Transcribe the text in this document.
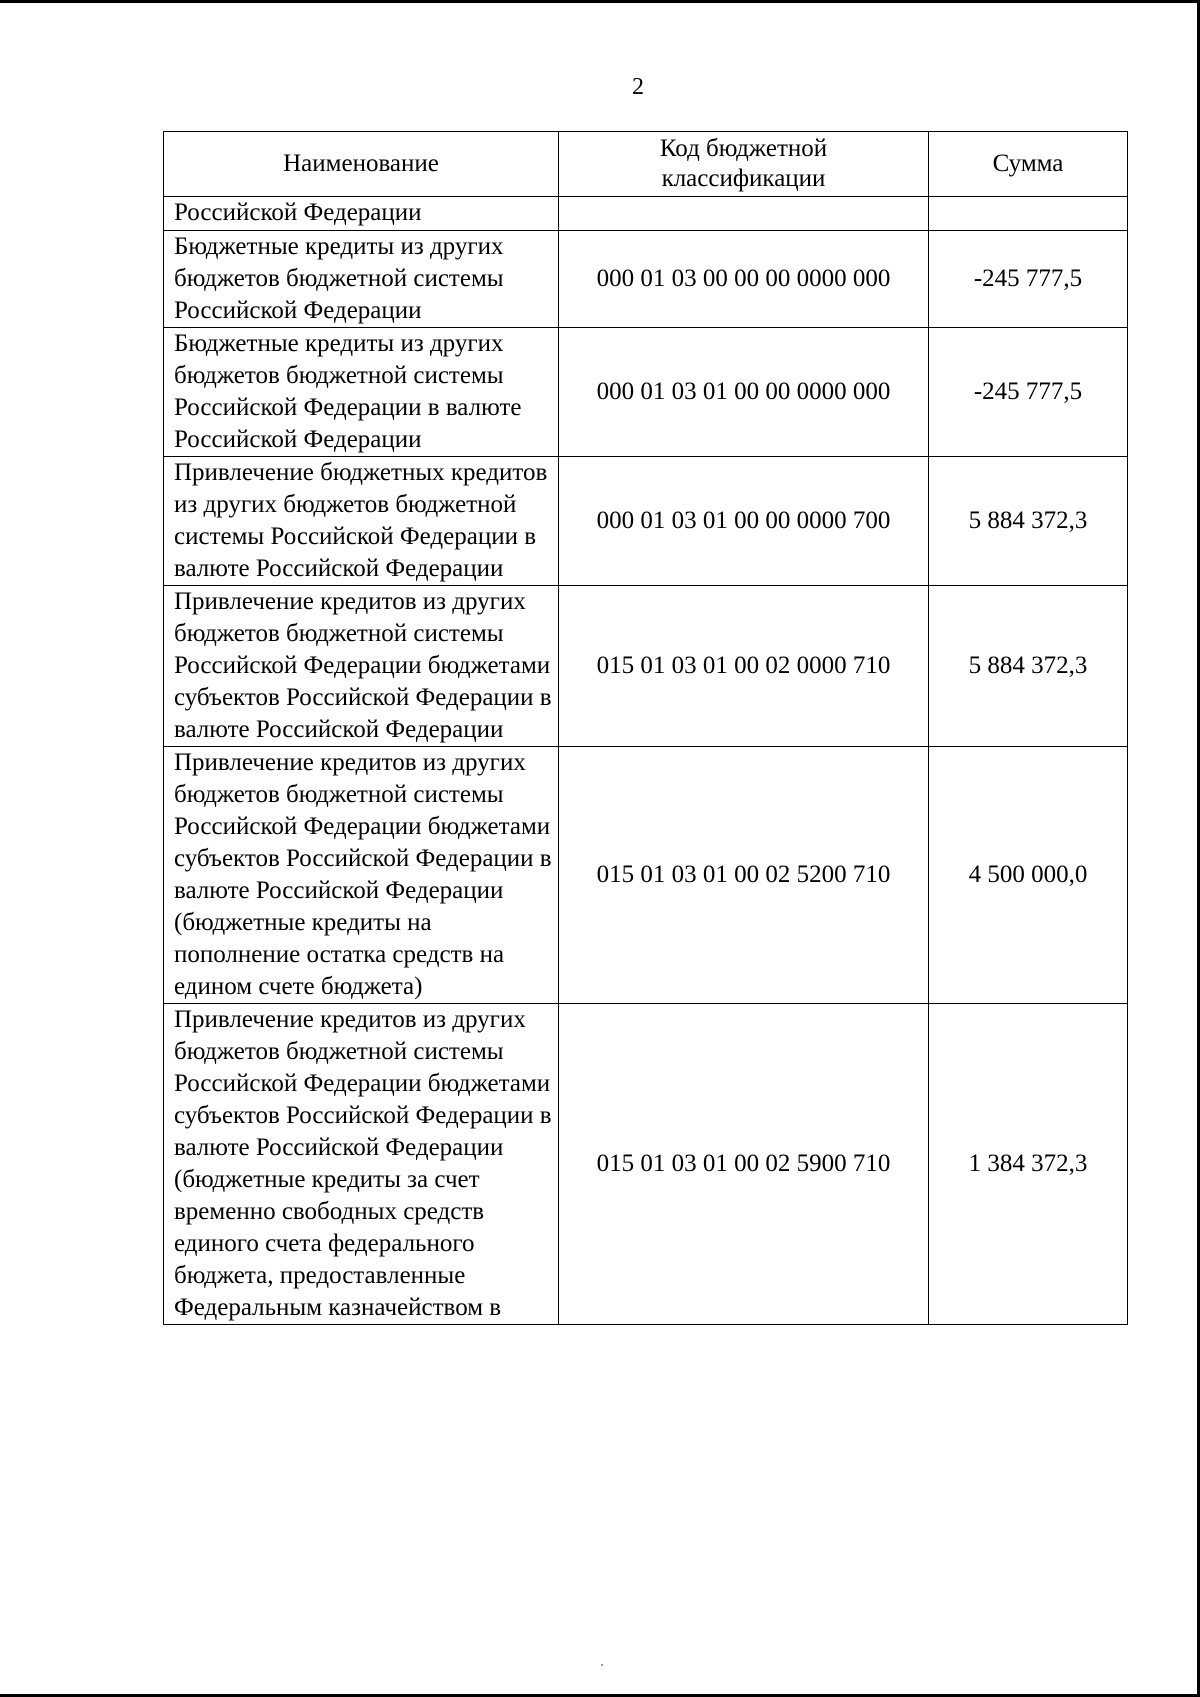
2
Наименование	Код бюджетной классификации	Сумма
Российской Федерации		
Бюджетные кредиты из других бюджетов бюджетной системы Российской Федерации	000 01 03 00 00 00 0000 000	-245 777,5
Бюджетные кредиты из других бюджетов бюджетной системы Российской Федерации в валюте Российской Федерации	000 01 03 01 00 00 0000 000	-245 777,5
Привлечение бюджетных кредитов из других бюджетов бюджетной системы Российской Федерации в валюте Российской Федерации	000 01 03 01 00 00 0000 700	5 884 372,3
Привлечение кредитов из других бюджетов бюджетной системы Российской Федерации бюджетами субъектов Российской Федерации в валюте Российской Федерации	015 01 03 01 00 02 0000 710	5 884 372,3
Привлечение кредитов из других бюджетов бюджетной системы Российской Федерации бюджетами субъектов Российской Федерации в валюте Российской Федерации (бюджетные кредиты на пополнение остатка средств на едином счете бюджета)	015 01 03 01 00 02 5200 710	4 500 000,0
Привлечение кредитов из других бюджетов бюджетной системы Российской Федерации бюджетами субъектов Российской Федерации в валюте Российской Федерации (бюджетные кредиты за счет временно свободных средств единого счета федерального бюджета, предоставленные Федеральным казначейством в	015 01 03 01 00 02 5900 710	1 384 372,3
